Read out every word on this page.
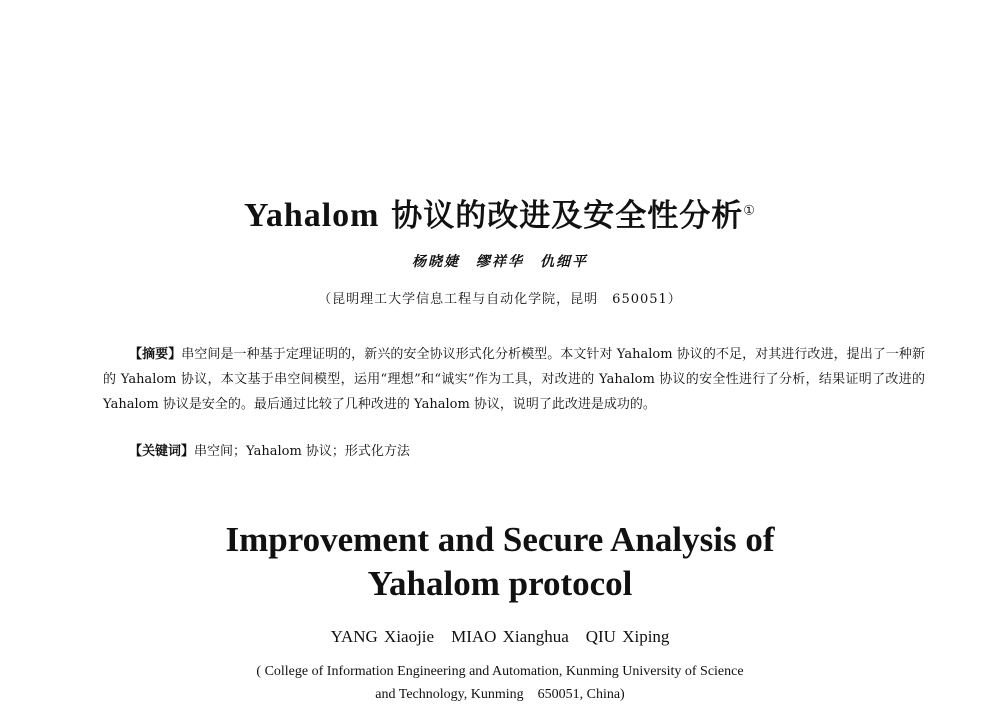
Yahalom 协议的改进及安全性分析①
杨晓婕　缪祥华　仇细平
（昆明理工大学信息工程与自动化学院，昆明　650051）
【摘要】串空间是一种基于定理证明的，新兴的安全协议形式化分析模型。本文针对 Yahalom 协议的不足，对其进行改进，提出了一种新的 Yahalom 协议，本文基于串空间模型，运用“理想”和“诚实”作为工具，对改进的 Yahalom 协议的安全性进行了分析，结果证明了改进的 Yahalom 协议是安全的。最后通过比较了几种改进的 Yahalom 协议，说明了此改进是成功的。
【关键词】串空间；Yahalom 协议；形式化方法
Improvement and Secure Analysis of
Yahalom protocol
YANG Xiaojie　MIAO Xianghua　QIU Xiping
( College of Information Engineering and Automation, Kunming University of Science
and Technology, Kunming　650051, China)
